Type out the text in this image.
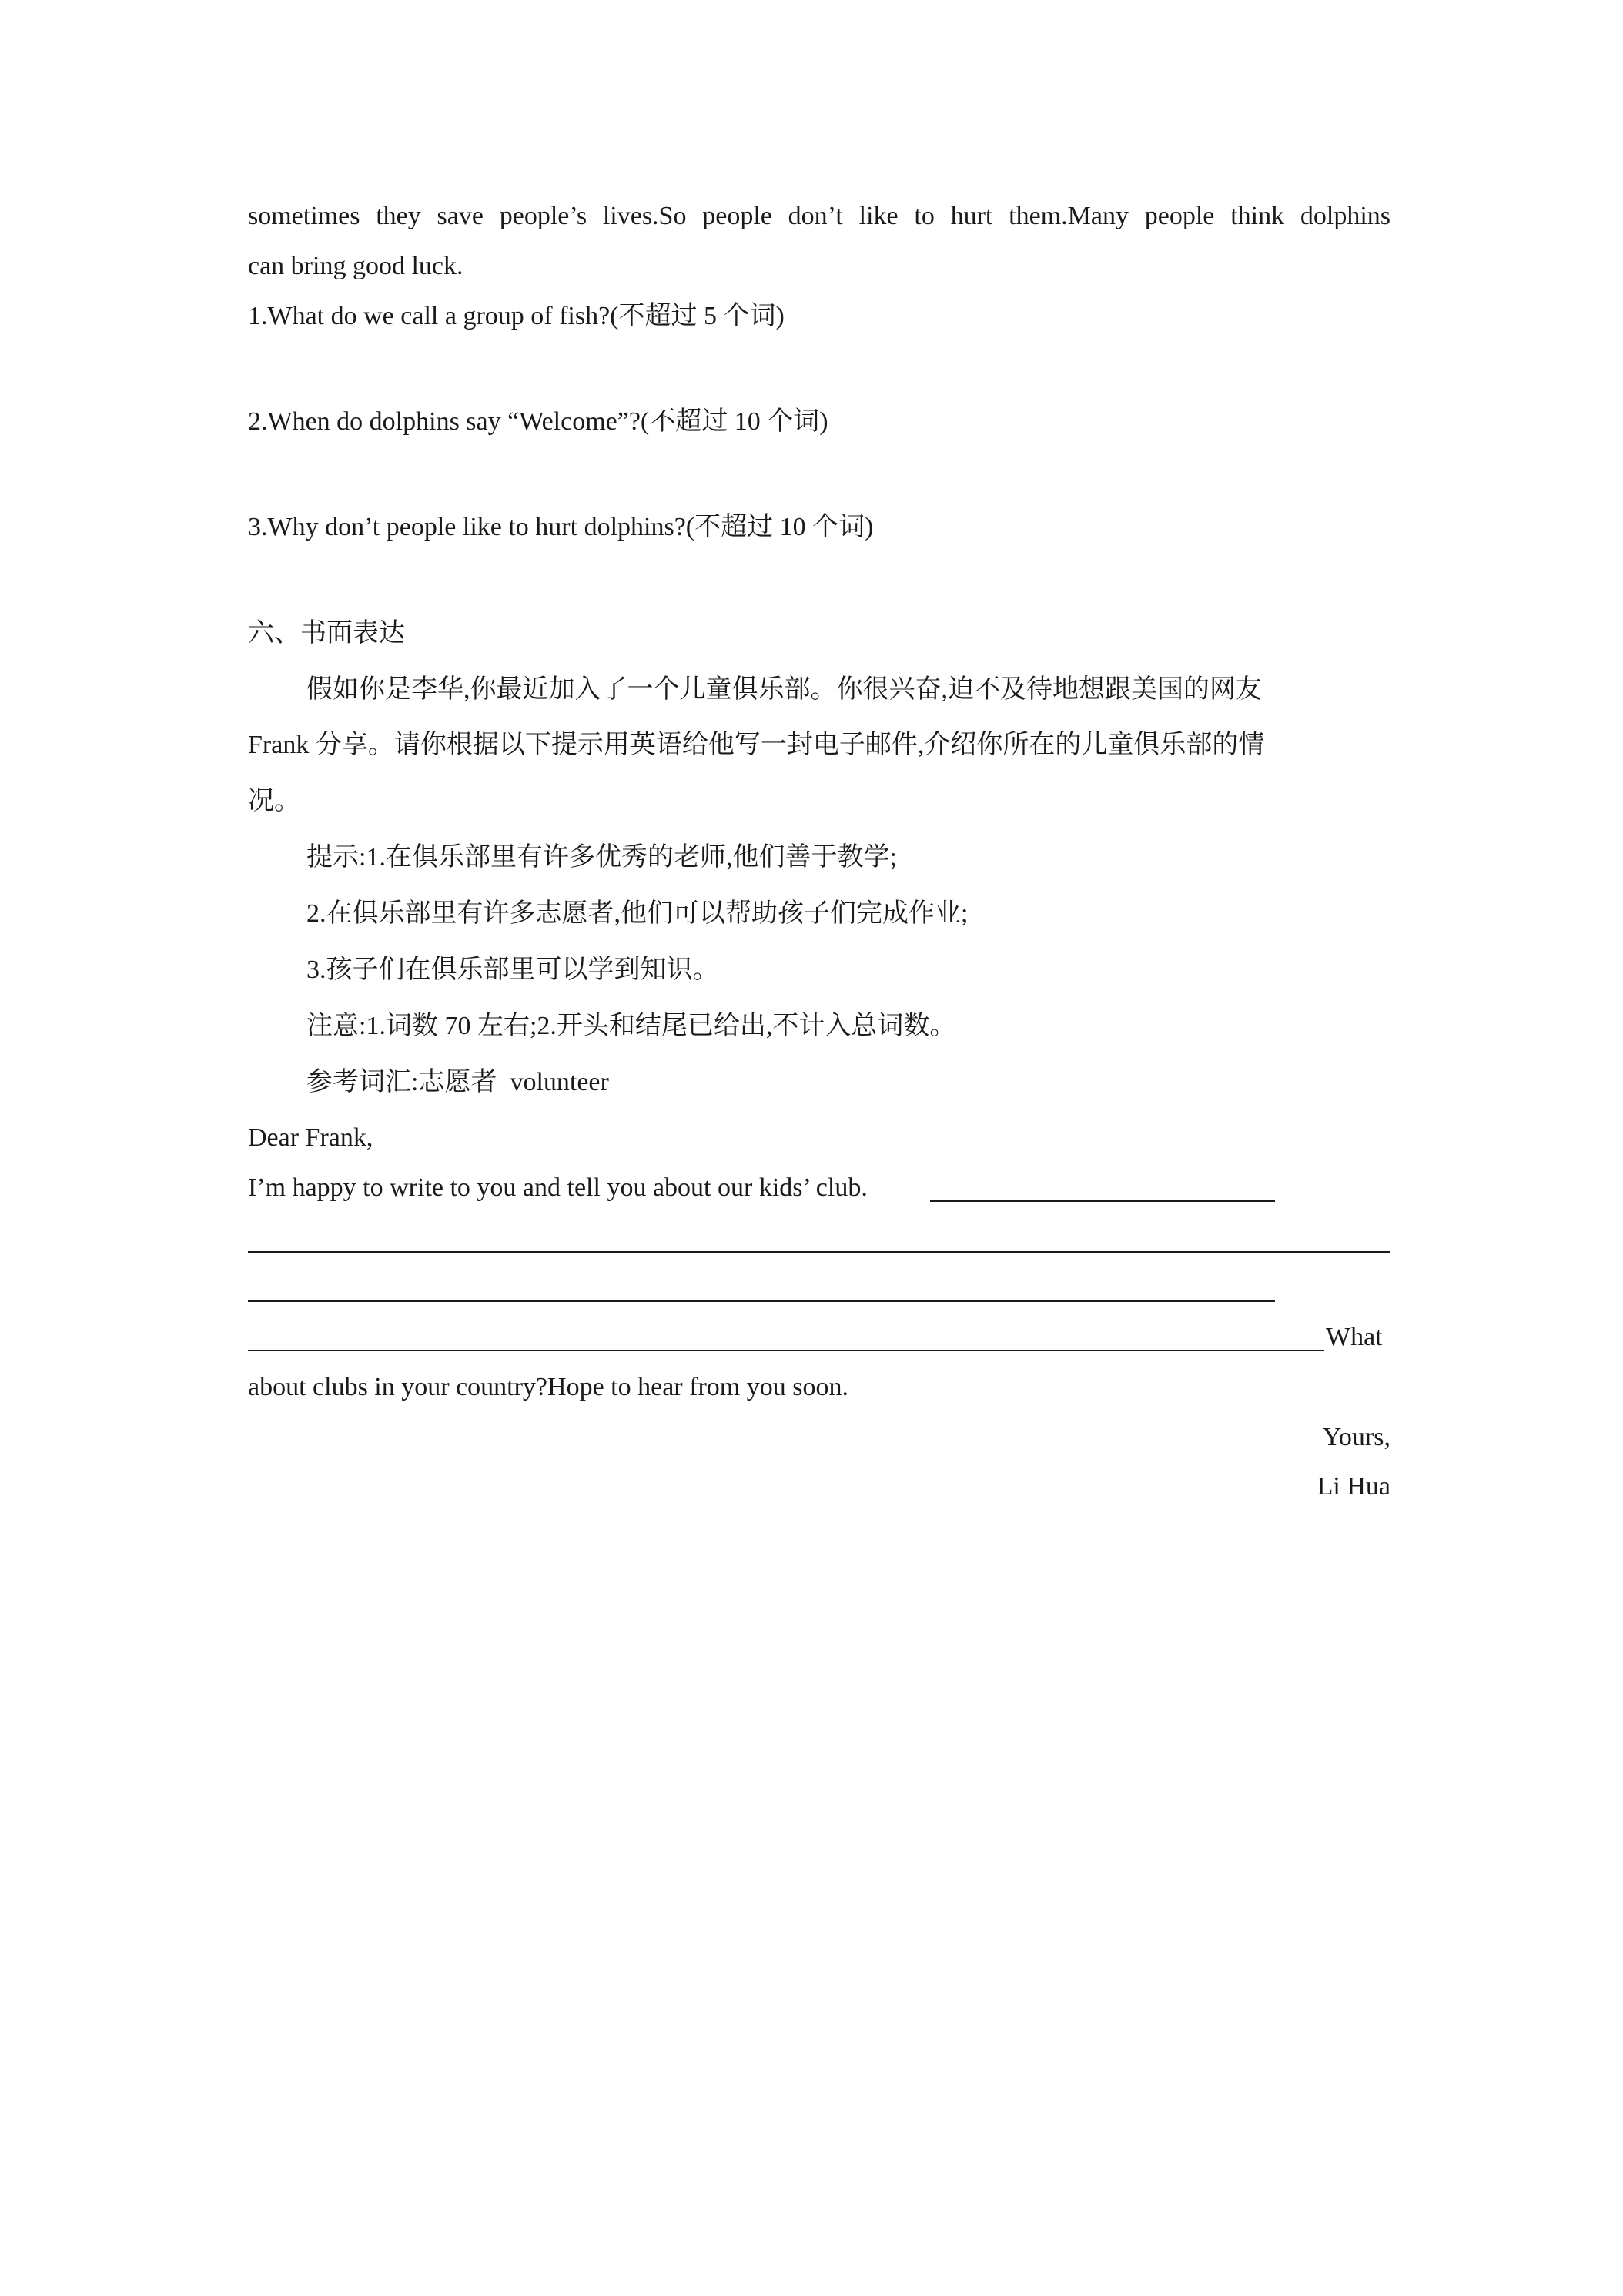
sometimes they save people’s lives.So people don’t like to hurt them.Many people think dolphins

can bring good luck.

1.What do we call a group of fish?(不超过 5 个词)

2.When do dolphins say “Welcome”?(不超过 10 个词)

3.Why don’t people like to hurt dolphins?(不超过 10 个词)

六、书面表达

假如你是李华,你最近加入了一个儿童俱乐部。你很兴奋,迫不及待地想跟美国的网友

Frank 分享。请你根据以下提示用英语给他写一封电子邮件,介绍你所在的儿童俱乐部的情

况。

提示:1.在俱乐部里有许多优秀的老师,他们善于教学;

2.在俱乐部里有许多志愿者,他们可以帮助孩子们完成作业;

3.孩子们在俱乐部里可以学到知识。

注意:1.词数 70 左右;2.开头和结尾已给出,不计入总词数。

参考词汇:志愿者  volunteer

Dear Frank,

I’m happy to write to you and tell you about our kids’ club.

What

about clubs in your country?Hope to hear from you soon.

Yours,

Li Hua
